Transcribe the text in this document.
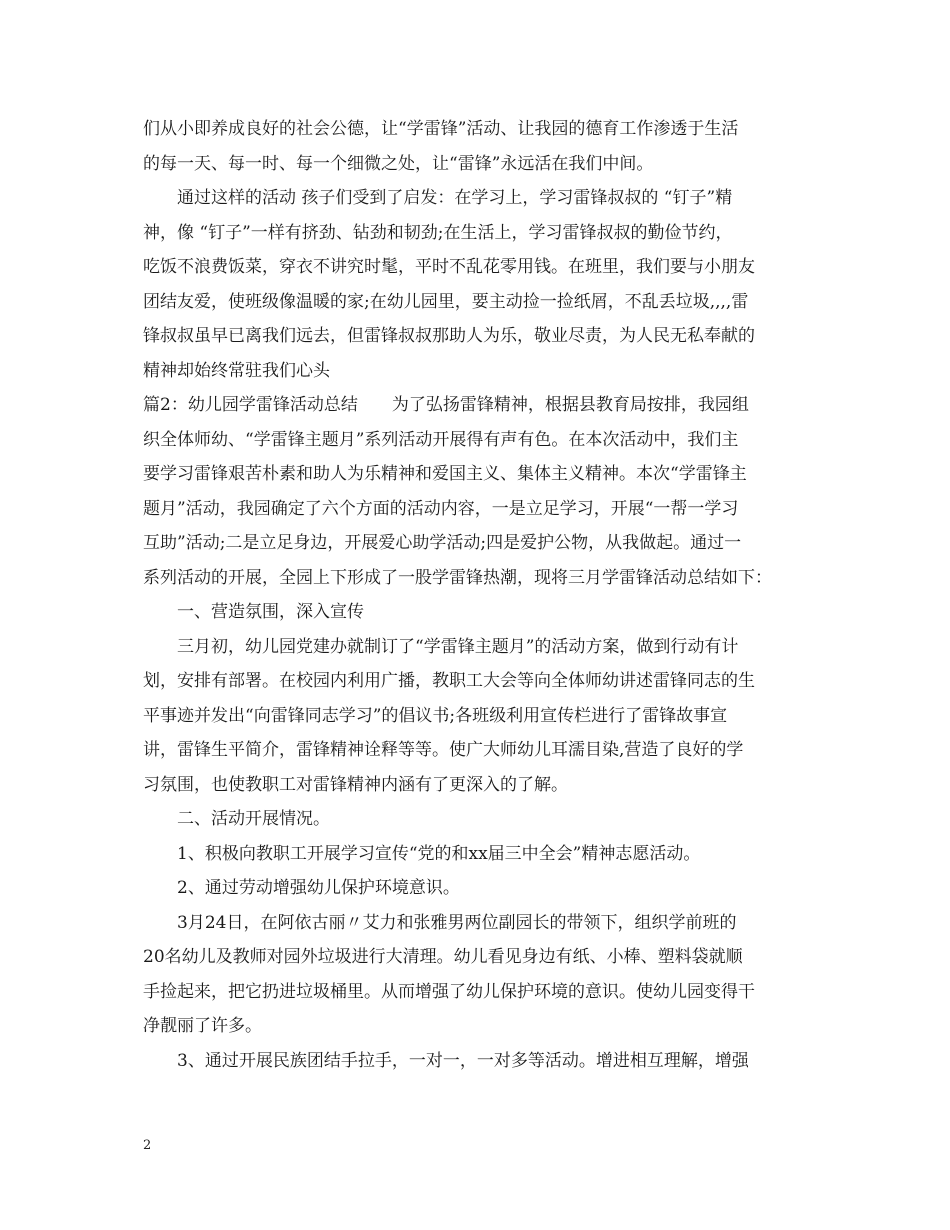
们从小即养成良好的社会公德，让“学雷锋”活动、让我园的德育工作渗透于生活
的每一天、每一时、每一个细微之处，让“雷锋”永远活在我们中间。
通过这样的活动 孩子们受到了启发：在学习上，学习雷锋叔叔的 “钉子”精
神，像 “钉子”一样有挤劲、钻劲和韧劲;在生活上，学习雷锋叔叔的勤俭节约，
吃饭不浪费饭菜，穿衣不讲究时髦，平时不乱花零用钱。在班里，我们要与小朋友
团结友爱，使班级像温暖的家;在幼儿园里，要主动捡一捡纸屑，不乱丢垃圾,,,,雷
锋叔叔虽早已离我们远去，但雷锋叔叔那助人为乐，敬业尽责，为人民无私奉献的
精神却始终常驻我们心头
篇2：幼儿园学雷锋活动总结　　为了弘扬雷锋精神，根据县教育局按排，我园组
织全体师幼、“学雷锋主题月”系列活动开展得有声有色。在本次活动中，我们主
要学习雷锋艰苦朴素和助人为乐精神和爱国主义、集体主义精神。本次“学雷锋主
题月”活动，我园确定了六个方面的活动内容，一是立足学习，开展“一帮一学习
互助”活动;二是立足身边，开展爱心助学活动;四是爱护公物，从我做起。通过一
系列活动的开展，全园上下形成了一股学雷锋热潮，现将三月学雷锋活动总结如下：
一、营造氛围，深入宣传
三月初，幼儿园党建办就制订了“学雷锋主题月”的活动方案，做到行动有计
划，安排有部署。在校园内利用广播，教职工大会等向全体师幼讲述雷锋同志的生
平事迹并发出“向雷锋同志学习”的倡议书;各班级利用宣传栏进行了雷锋故事宣
讲，雷锋生平简介，雷锋精神诠释等等。使广大师幼儿耳濡目染,营造了良好的学
习氛围，也使教职工对雷锋精神内涵有了更深入的了解。
二、活动开展情况。
1、积极向教职工开展学习宣传“党的和xx届三中全会”精神志愿活动。
2、通过劳动增强幼儿保护环境意识。
3月24日，在阿依古丽〃艾力和张雅男两位副园长的带领下，组织学前班的
20名幼儿及教师对园外垃圾进行大清理。幼儿看见身边有纸、小棒、塑料袋就顺
手捡起来，把它扔进垃圾桶里。从而增强了幼儿保护环境的意识。使幼儿园变得干
净靓丽了许多。
3、通过开展民族团结手拉手，一对一，一对多等活动。增进相互理解，增强
2
